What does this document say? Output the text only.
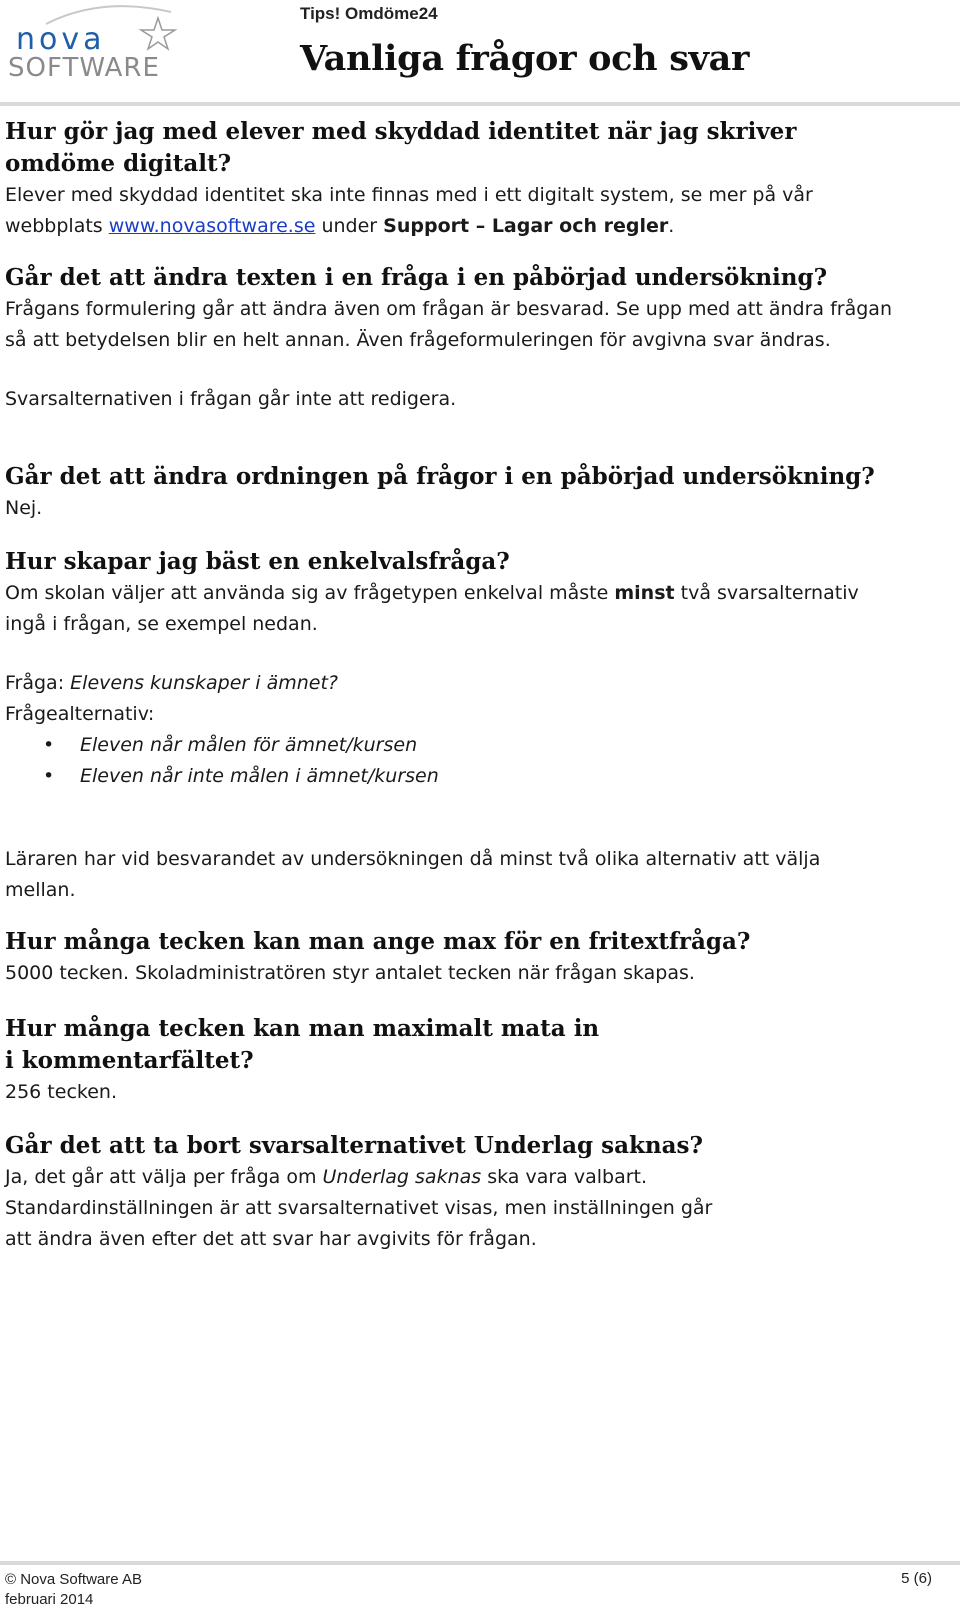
nova
SOFTWARE
Tips! Omdöme24
Vanliga frågor och svar
Hur gör jag med elever med skyddad identitet när jag skriver omdöme digitalt?

Elever med skyddad identitet ska inte finnas med i ett digitalt system, se mer på vår

webbplats www.novasoftware.se under Support – Lagar och regler.

Går det att ändra texten i en fråga i en påbörjad undersökning?

Frågans formulering går att ändra även om frågan är besvarad. Se upp med att ändra frågan så att betydelsen blir en helt annan. Även frågeformuleringen för avgivna svar ändras.

Svarsalternativen i frågan går inte att redigera.

Går det att ändra ordningen på frågor i en påbörjad undersökning?

Nej.

Hur skapar jag bäst en enkelvalsfråga?

Om skolan väljer att använda sig av frågetypen enkelval måste minst två svarsalternativ ingå i frågan, se exempel nedan.

Fråga: Elevens kunskaper i ämnet?

Frågealternativ:

• Eleven når målen för ämnet/kursen
• Eleven når inte målen i ämnet/kursen

Läraren har vid besvarandet av undersökningen då minst två olika alternativ att välja mellan.

Hur många tecken kan man ange max för en fritextfråga?

5000 tecken. Skoladministratören styr antalet tecken när frågan skapas.

Hur många tecken kan man maximalt mata in i kommentarfältet?

256 tecken.

Går det att ta bort svarsalternativet Underlag saknas?

Ja, det går att välja per fråga om Underlag saknas ska vara valbart.

Standardinställningen är att svarsalternativet visas, men inställningen går att ändra även efter det att svar har avgivits för frågan.

© Nova Software AB
februari 2014
5 (6)
